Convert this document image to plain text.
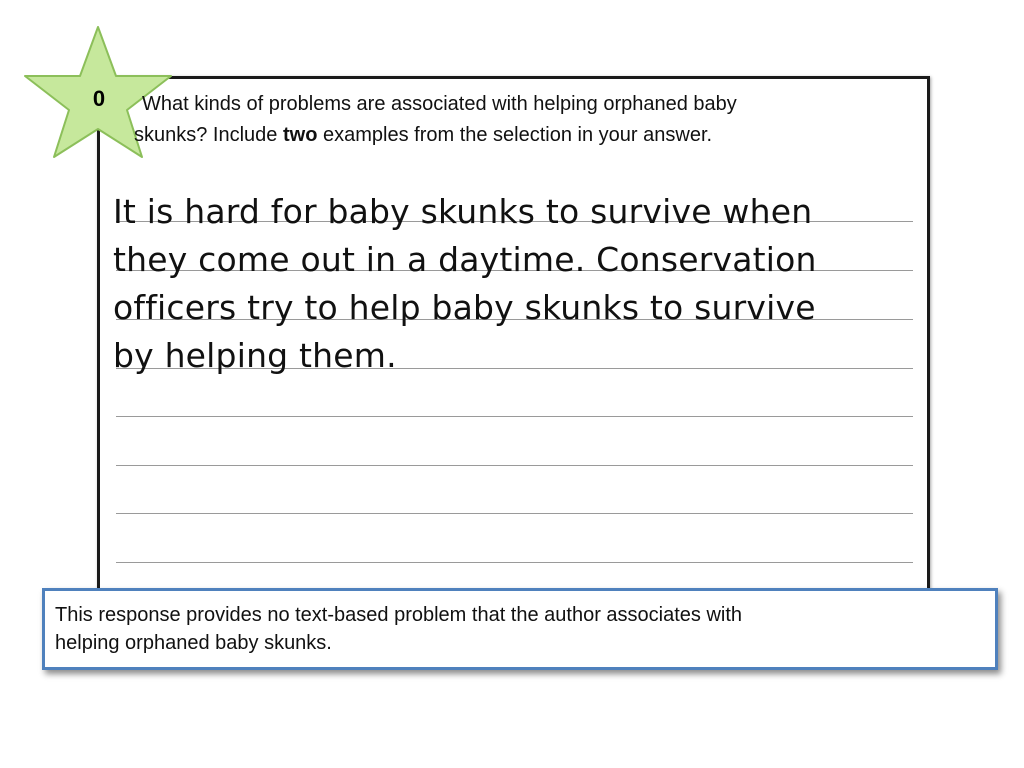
0	What kinds of problems are associated with helping orphaned baby
skunks? Include two examples from the selection in your answer.
It is hard for baby skunks to survive when
they come out in a daytime. Conservation
officers try to help baby skunks to survive
by helping them.
This response provides no text-based problem that the author associates with
helping orphaned baby skunks.
